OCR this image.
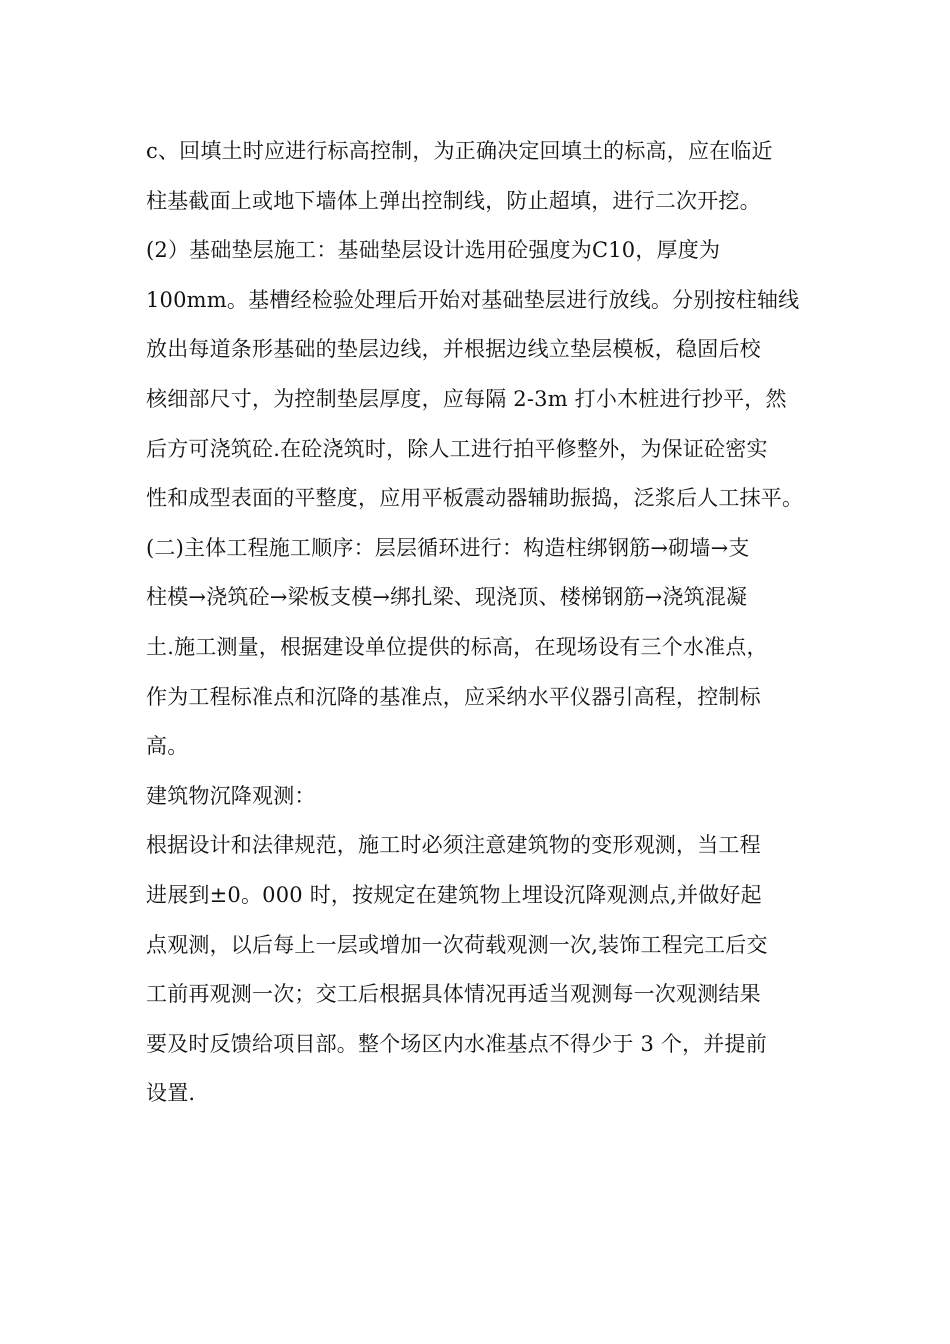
c、回填土时应进行标高控制，为正确决定回填土的标高，应在临近
柱基截面上或地下墙体上弹出控制线，防止超填，进行二次开挖。
(2）基础垫层施工：基础垫层设计选用砼强度为C10，厚度为
100mm。基槽经检验处理后开始对基础垫层进行放线。分别按柱轴线
放出每道条形基础的垫层边线，并根据边线立垫层模板，稳固后校
核细部尺寸，为控制垫层厚度，应每隔 2-3m 打小木桩进行抄平，然
后方可浇筑砼.在砼浇筑时，除人工进行拍平修整外，为保证砼密实
性和成型表面的平整度，应用平板震动器辅助振捣，泛浆后人工抹平。
(二)主体工程施工顺序：层层循环进行：构造柱绑钢筋→砌墙→支
柱模→浇筑砼→梁板支模→绑扎梁、现浇顶、楼梯钢筋→浇筑混凝
土.施工测量，根据建设单位提供的标高，在现场设有三个水准点，
作为工程标准点和沉降的基准点，应采纳水平仪器引高程，控制标
高。
建筑物沉降观测：
根据设计和法律规范，施工时必须注意建筑物的变形观测，当工程
进展到±0。000 时，按规定在建筑物上埋设沉降观测点,并做好起
点观测，以后每上一层或增加一次荷载观测一次,装饰工程完工后交
工前再观测一次；交工后根据具体情况再适当观测每一次观测结果
要及时反馈给项目部。整个场区内水准基点不得少于 3 个，并提前
设置.
